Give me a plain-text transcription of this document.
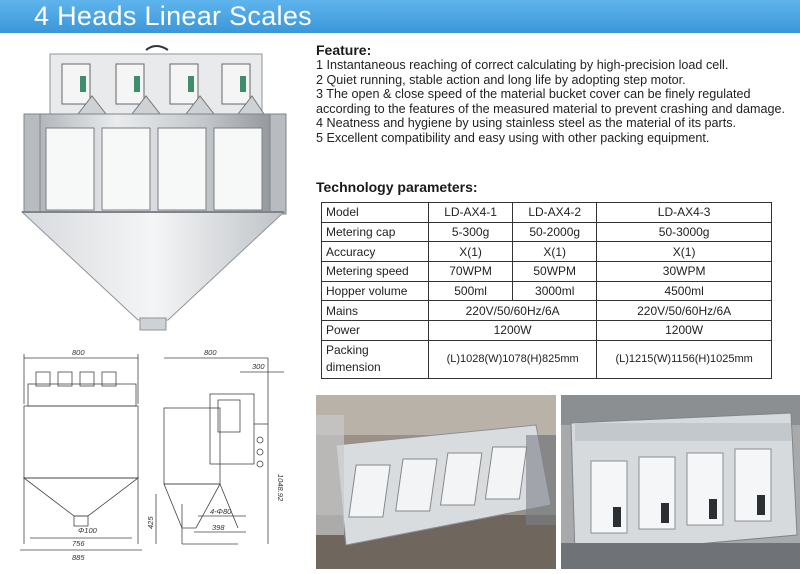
4 Heads Linear Scales
800	800
300
1048.92
425
4-Φ80
398
Φ100
756
885
Feature:

1 Instantaneous reaching of correct calculating by high-precision load cell.

2 Quiet running, stable action and long life by adopting step motor.

3 The open & close speed of the material bucket cover can be finely regulated according to the features of the measured material to prevent crashing and damage.

4 Neatness and hygiene by using stainless steel as the material of its parts.

5 Excellent compatibility and easy using with other packing equipment.

Technology parameters:
Model	LD-AX4-1	LD-AX4-2	LD-AX4-3
Metering cap	5-300g	50-2000g	50-3000g
Accuracy	X(1)	X(1)	X(1)
Metering speed	70WPM	50WPM	30WPM
Hopper volume	500ml	3000ml	4500ml
Mains	220V/50/60Hz/6A		220V/50/60Hz/6A
Power	1200W		1200W
Packing
dimension	(L)1028(W)1078(H)825mm		(L)1215(W)1156(H)1025mm
